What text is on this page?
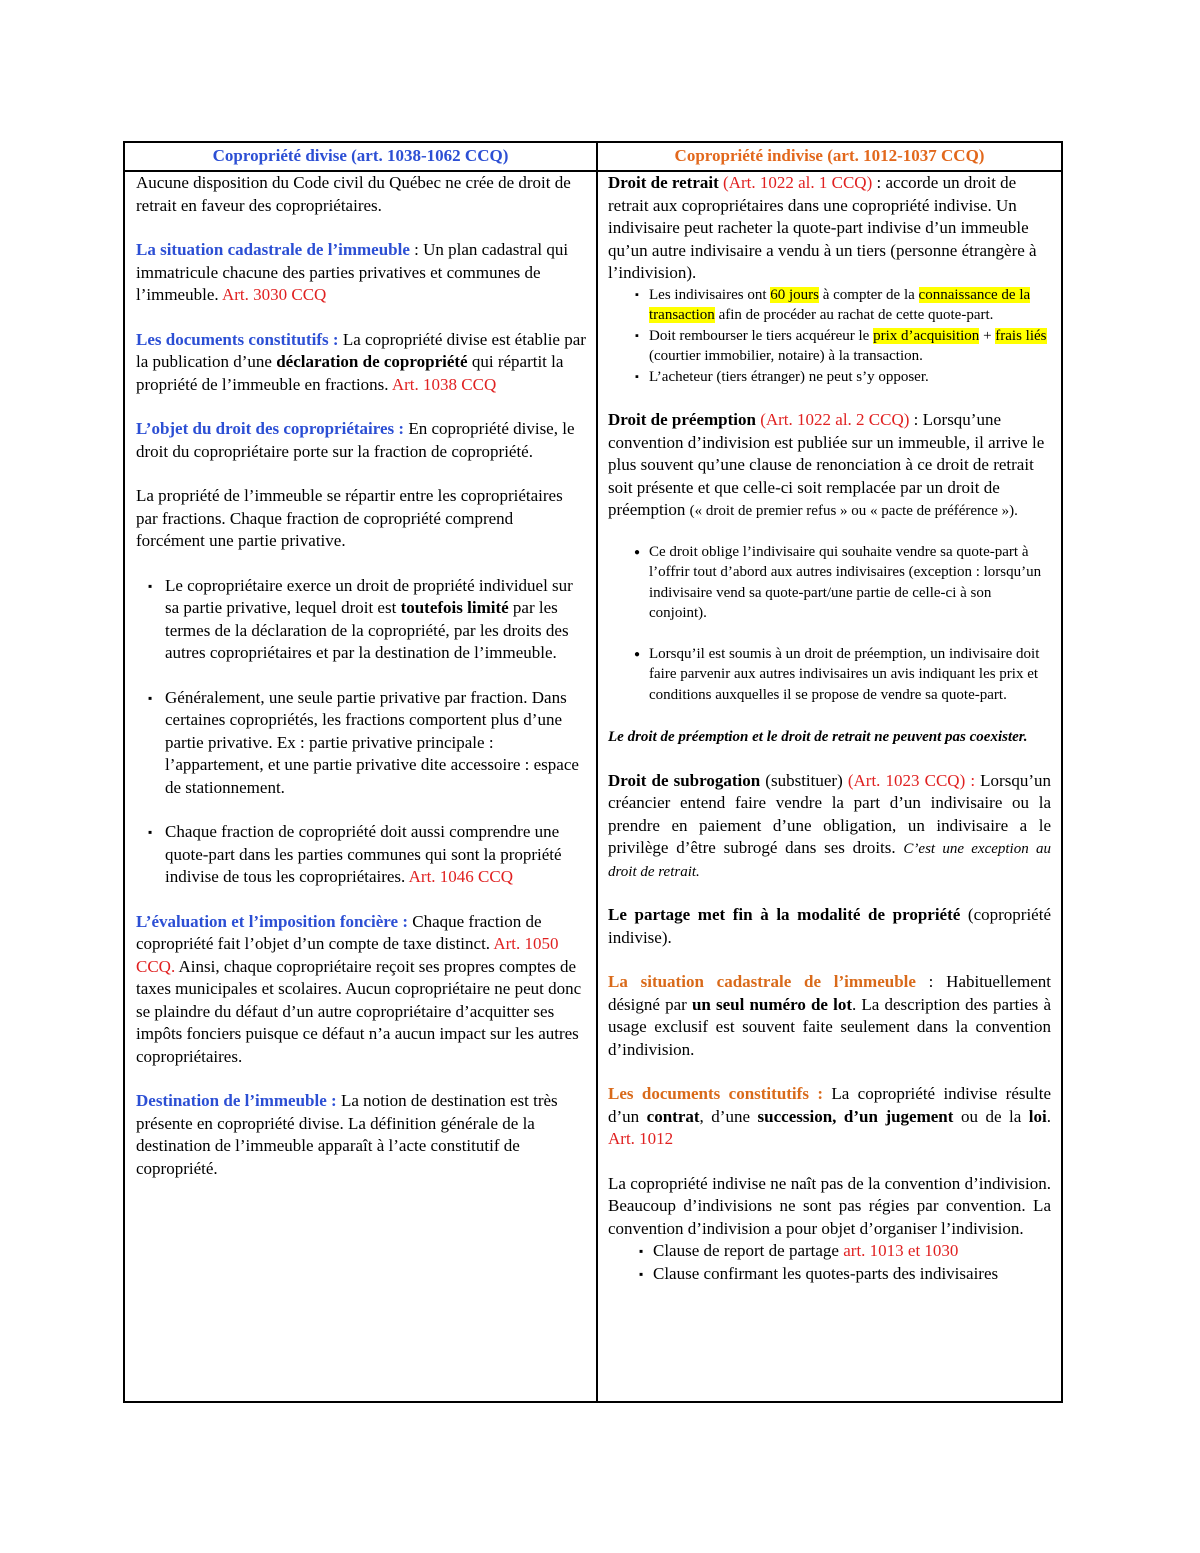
Copropriété divise (art. 1038-1062 CCQ)	Copropriété indivise (art. 1012-1037 CCQ)

Aucune disposition du Code civil du Québec ne crée de droit de retrait en faveur des copropriétaires.

La situation cadastrale de l’immeuble : Un plan cadastral qui immatricule chacune des parties privatives et communes de l’immeuble. Art. 3030 CCQ

Les documents constitutifs : La copropriété divise est établie par la publication d’une déclaration de copropriété qui répartit la propriété de l’immeuble en fractions. Art. 1038 CCQ

L’objet du droit des copropriétaires : En copropriété divise, le droit du copropriétaire porte sur la fraction de copropriété.

La propriété de l’immeuble se répartir entre les copropriétaires par fractions. Chaque fraction de copropriété comprend forcément une partie privative.

▪ Le copropriétaire exerce un droit de propriété individuel sur sa partie privative, lequel droit est toutefois limité par les termes de la déclaration de la copropriété, par les droits des autres copropriétaires et par la destination de l’immeuble.
▪ Généralement, une seule partie privative par fraction. Dans certaines copropriétés, les fractions comportent plus d’une partie privative. Ex : partie privative principale : l’appartement, et une partie privative dite accessoire : espace de stationnement.
▪ Chaque fraction de copropriété doit aussi comprendre une quote-part dans les parties communes qui sont la propriété indivise de tous les copropriétaires. Art. 1046 CCQ

L’évaluation et l’imposition foncière : Chaque fraction de copropriété fait l’objet d’un compte de taxe distinct. Art. 1050 CCQ. Ainsi, chaque copropriétaire reçoit ses propres comptes de taxes municipales et scolaires. Aucun copropriétaire ne peut donc se plaindre du défaut d’un autre copropriétaire d’acquitter ses impôts fonciers puisque ce défaut n’a aucun impact sur les autres copropriétaires.

Destination de l’immeuble : La notion de destination est très présente en copropriété divise. La définition générale de la destination de l’immeuble apparaît à l’acte constitutif de copropriété.

Droit de retrait (Art. 1022 al. 1 CCQ) : accorde un droit de retrait aux copropriétaires dans une copropriété indivise. Un indivisaire peut racheter la quote-part indivise d’un immeuble qu’un autre indivisaire a vendu à un tiers (personne étrangère à l’indivision).

▪ Les indivisaires ont 60 jours à compter de la connaissance de la transaction afin de procéder au rachat de cette quote-part.
▪ Doit rembourser le tiers acquéreur le prix d’acquisition + frais liés (courtier immobilier, notaire) à la transaction.
▪ L’acheteur (tiers étranger) ne peut s’y opposer.

Droit de préemption (Art. 1022 al. 2 CCQ) : Lorsqu’une convention d’indivision est publiée sur un immeuble, il arrive le plus souvent qu’une clause de renonciation à ce droit de retrait soit présente et que celle-ci soit remplacée par un droit de préemption (« droit de premier refus » ou « pacte de préférence »).

● Ce droit oblige l’indivisaire qui souhaite vendre sa quote-part à l’offrir tout d’abord aux autres indivisaires (exception : lorsqu’un indivisaire vend sa quote-part/une partie de celle-ci à son conjoint).
● Lorsqu’il est soumis à un droit de préemption, un indivisaire doit faire parvenir aux autres indivisaires un avis indiquant les prix et conditions auxquelles il se propose de vendre sa quote-part.

Le droit de préemption et le droit de retrait ne peuvent pas coexister.

Droit de subrogation (substituer) (Art. 1023 CCQ) : Lorsqu’un créancier entend faire vendre la part d’un indivisaire ou la prendre en paiement d’une obligation, un indivisaire a le privilège d’être subrogé dans ses droits. C’est une exception au droit de retrait.

Le partage met fin à la modalité de propriété (copropriété indivise).

La situation cadastrale de l’immeuble : Habituellement désigné par un seul numéro de lot. La description des parties à usage exclusif est souvent faite seulement dans la convention d’indivision.

Les documents constitutifs : La copropriété indivise résulte d’un contrat, d’une succession, d’un jugement ou de la loi. Art. 1012

La copropriété indivise ne naît pas de la convention d’indivision. Beaucoup d’indivisions ne sont pas régies par convention. La convention d’indivision a pour objet d’organiser l’indivision.

▪ Clause de report de partage art. 1013 et 1030
▪ Clause confirmant les quotes-parts des indivisaires
